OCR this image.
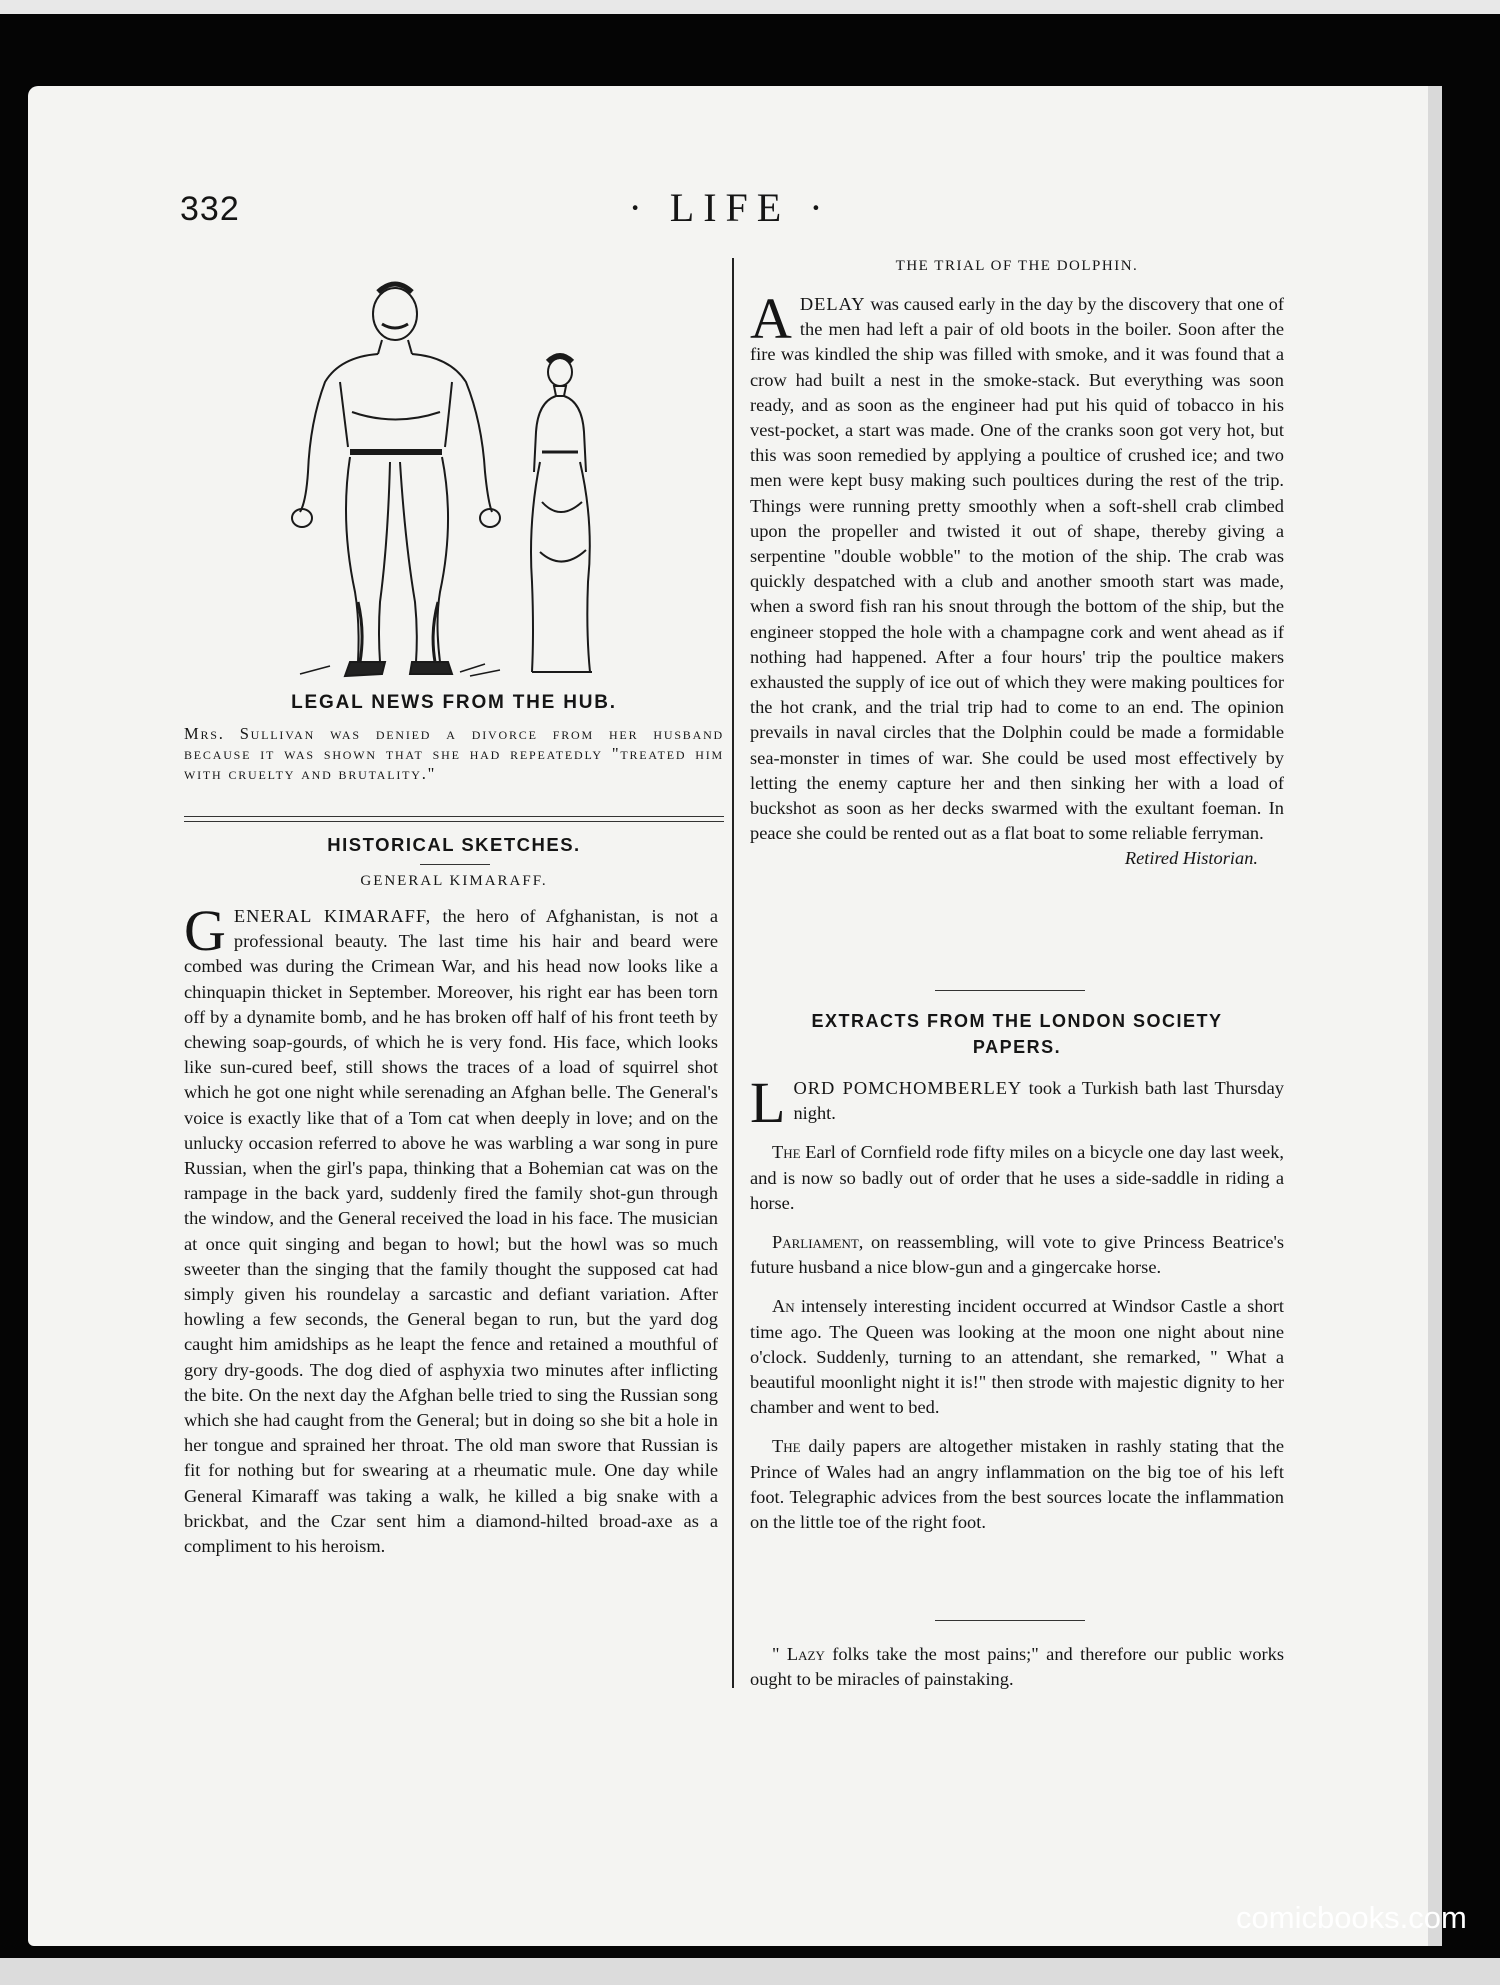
332	· LIFE ·
LEGAL NEWS FROM THE HUB.
Mrs. Sullivan was denied a divorce from her husband because it was shown that she had repeatedly "treated him with cruelty and brutality."
HISTORICAL SKETCHES.
GENERAL KIMARAFF.

GENERAL KIMARAFF, the hero of Afghanistan, is not a professional beauty. The last time his hair and beard were combed was during the Crimean War, and his head now looks like a chinquapin thicket in September. Moreover, his right ear has been torn off by a dynamite bomb, and he has broken off half of his front teeth by chewing soap-gourds, of which he is very fond. His face, which looks like sun-cured beef, still shows the traces of a load of squirrel shot which he got one night while serenading an Afghan belle. The General's voice is exactly like that of a Tom cat when deeply in love; and on the unlucky occasion referred to above he was warbling a war song in pure Russian, when the girl's papa, thinking that a Bohemian cat was on the rampage in the back yard, suddenly fired the family shot-gun through the window, and the General received the load in his face. The musician at once quit singing and began to howl; but the howl was so much sweeter than the singing that the family thought the supposed cat had simply given his roundelay a sarcastic and defiant variation. After howling a few seconds, the General began to run, but the yard dog caught him amidships as he leapt the fence and retained a mouthful of gory dry-goods. The dog died of asphyxia two minutes after inflicting the bite. On the next day the Afghan belle tried to sing the Russian song which she had caught from the General; but in doing so she bit a hole in her tongue and sprained her throat. The old man swore that Russian is fit for nothing but for swearing at a rheumatic mule. One day while General Kimaraff was taking a walk, he killed a big snake with a brickbat, and the Czar sent him a diamond-hilted broad-axe as a compliment to his heroism.

THE TRIAL OF THE DOLPHIN.

ADELAY was caused early in the day by the discovery that one of the men had left a pair of old boots in the boiler. Soon after the fire was kindled the ship was filled with smoke, and it was found that a crow had built a nest in the smoke-stack. But everything was soon ready, and as soon as the engineer had put his quid of tobacco in his vest-pocket, a start was made. One of the cranks soon got very hot, but this was soon remedied by applying a poultice of crushed ice; and two men were kept busy making such poultices during the rest of the trip. Things were running pretty smoothly when a soft-shell crab climbed upon the propeller and twisted it out of shape, thereby giving a serpentine "double wobble" to the motion of the ship. The crab was quickly despatched with a club and another smooth start was made, when a sword fish ran his snout through the bottom of the ship, but the engineer stopped the hole with a champagne cork and went ahead as if nothing had happened. After a four hours' trip the poultice makers exhausted the supply of ice out of which they were making poultices for the hot crank, and the trial trip had to come to an end. The opinion prevails in naval circles that the Dolphin could be made a formidable sea-monster in times of war. She could be used most effectively by letting the enemy capture her and then sinking her with a load of buckshot as soon as her decks swarmed with the exultant foeman. In peace she could be rented out as a flat boat to some reliable ferryman.

Retired Historian.

EXTRACTS FROM THE LONDON SOCIETY
PAPERS.

LORD POMCHOMBERLEY took a Turkish bath last Thursday night.

The Earl of Cornfield rode fifty miles on a bicycle one day last week, and is now so badly out of order that he uses a side-saddle in riding a horse.

Parliament, on reassembling, will vote to give Princess Beatrice's future husband a nice blow-gun and a gingercake horse.

An intensely interesting incident occurred at Windsor Castle a short time ago. The Queen was looking at the moon one night about nine o'clock. Suddenly, turning to an attendant, she remarked, " What a beautiful moonlight night it is!" then strode with majestic dignity to her chamber and went to bed.

The daily papers are altogether mistaken in rashly stating that the Prince of Wales had an angry inflammation on the big toe of his left foot. Telegraphic advices from the best sources locate the inflammation on the little toe of the right foot.

" Lazy folks take the most pains;" and therefore our public works ought to be miracles of painstaking.

comicbooks.com
